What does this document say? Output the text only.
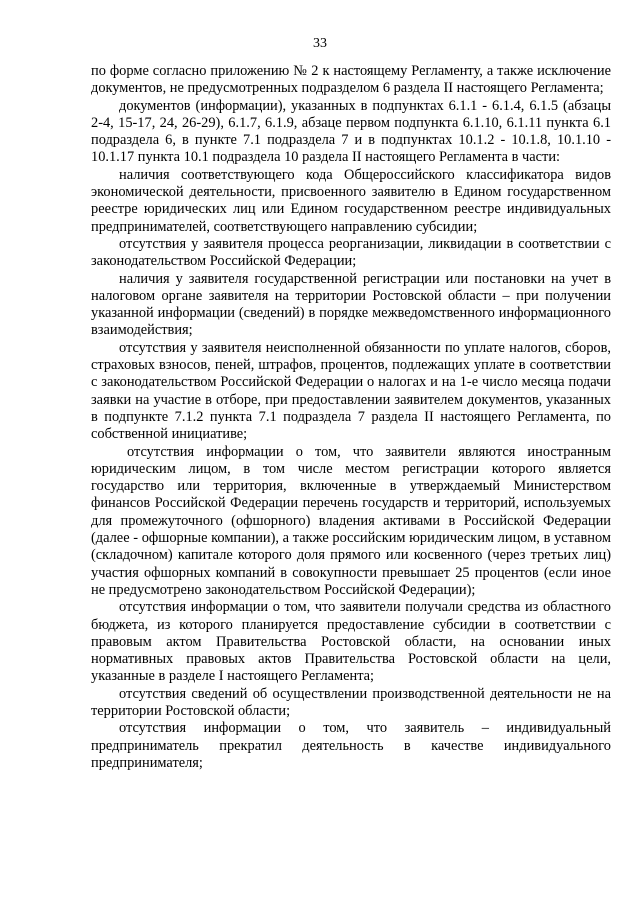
33

по форме согласно приложению № 2 к настоящему Регламенту, а также исключение документов, не предусмотренных подразделом 6 раздела II настоящего Регламента;

документов (информации), указанных в подпунктах 6.1.1 - 6.1.4, 6.1.5 (абзацы 2-4, 15-17, 24, 26-29), 6.1.7, 6.1.9, абзаце первом подпункта 6.1.10, 6.1.11 пункта 6.1 подраздела 6, в пункте 7.1 подраздела 7 и в подпунктах 10.1.2 - 10.1.8, 10.1.10 - 10.1.17 пункта 10.1 подраздела 10 раздела II настоящего Регламента в части:

наличия соответствующего кода Общероссийского классификатора видов экономической деятельности, присвоенного заявителю в Едином государственном реестре юридических лиц или Едином государственном реестре индивидуальных предпринимателей, соответствующего направлению субсидии;

отсутствия у заявителя процесса реорганизации, ликвидации в соответствии с законодательством Российской Федерации;

наличия у заявителя государственной регистрации или постановки на учет в налоговом органе заявителя на территории Ростовской области – при получении указанной информации (сведений) в порядке межведомственного информационного взаимодействия;

отсутствия у заявителя неисполненной обязанности по уплате налогов, сборов, страховых взносов, пеней, штрафов, процентов, подлежащих уплате в соответствии с законодательством Российской Федерации о налогах и на 1-е число месяца подачи заявки на участие в отборе, при предоставлении заявителем документов, указанных в подпункте 7.1.2 пункта 7.1 подраздела 7 раздела II настоящего Регламента, по собственной инициативе;

отсутствия информации о том, что заявители являются иностранным юридическим лицом, в том числе местом регистрации которого является государство или территория, включенные в утверждаемый Министерством финансов Российской Федерации перечень государств и территорий, используемых для промежуточного (офшорного) владения активами в Российской Федерации (далее - офшорные компании), а также российским юридическим лицом, в уставном (складочном) капитале которого доля прямого или косвенного (через третьих лиц) участия офшорных компаний в совокупности превышает 25 процентов (если иное не предусмотрено законодательством Российской Федерации);

отсутствия информации о том, что заявители получали средства из областного бюджета, из которого планируется предоставление субсидии в соответствии с правовым актом Правительства Ростовской области, на основании иных нормативных правовых актов Правительства Ростовской области на цели, указанные в разделе I настоящего Регламента;

отсутствия сведений об осуществлении производственной деятельности не на территории Ростовской области;

отсутствия информации о том, что заявитель – индивидуальный предприниматель прекратил деятельность в качестве индивидуального предпринимателя;
